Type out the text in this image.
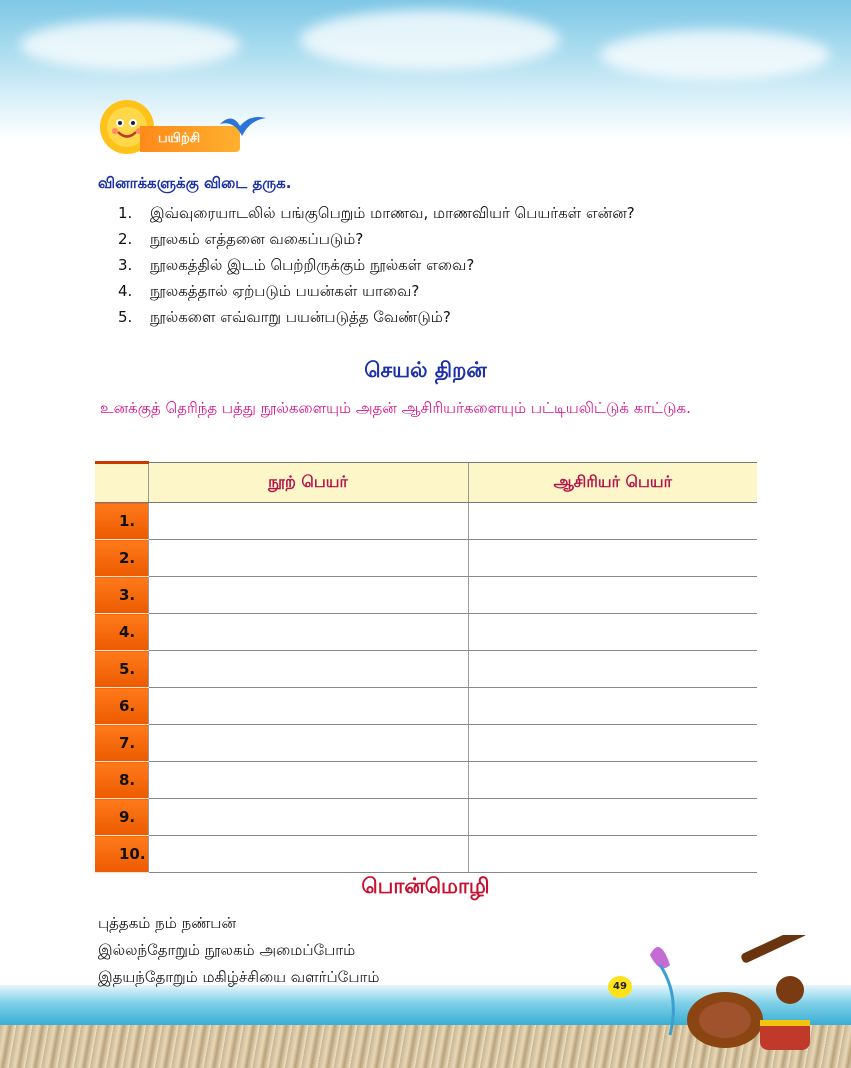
பயிற்சி
வினாக்களுக்கு விடை தருக.
1.	இவ்வுரையாடலில் பங்குபெறும் மாணவ, மாணவியர் பெயர்கள் என்ன?
2.	நூலகம் எத்தனை வகைப்படும்?
3.	நூலகத்தில் இடம் பெற்றிருக்கும் நூல்கள் எவை?
4.	நூலகத்தால் ஏற்படும் பயன்கள் யாவை?
5.	நூல்களை எவ்வாறு பயன்படுத்த வேண்டும்?
செயல் திறன்

உனக்குத் தெரிந்த பத்து நூல்களையும் அதன் ஆசிரியர்களையும் பட்டியலிட்டுக் காட்டுக.

	நூற் பெயர்	ஆசிரியர் பெயர்
1.		
2.		
3.		
4.		
5.		
6.		
7.		
8.		
9.		
10.		
பொன்மொழி
புத்தகம் நம் நண்பன்
இல்லந்தோறும் நூலகம் அமைப்போம்
இதயந்தோறும் மகிழ்ச்சியை வளர்ப்போம்
49
